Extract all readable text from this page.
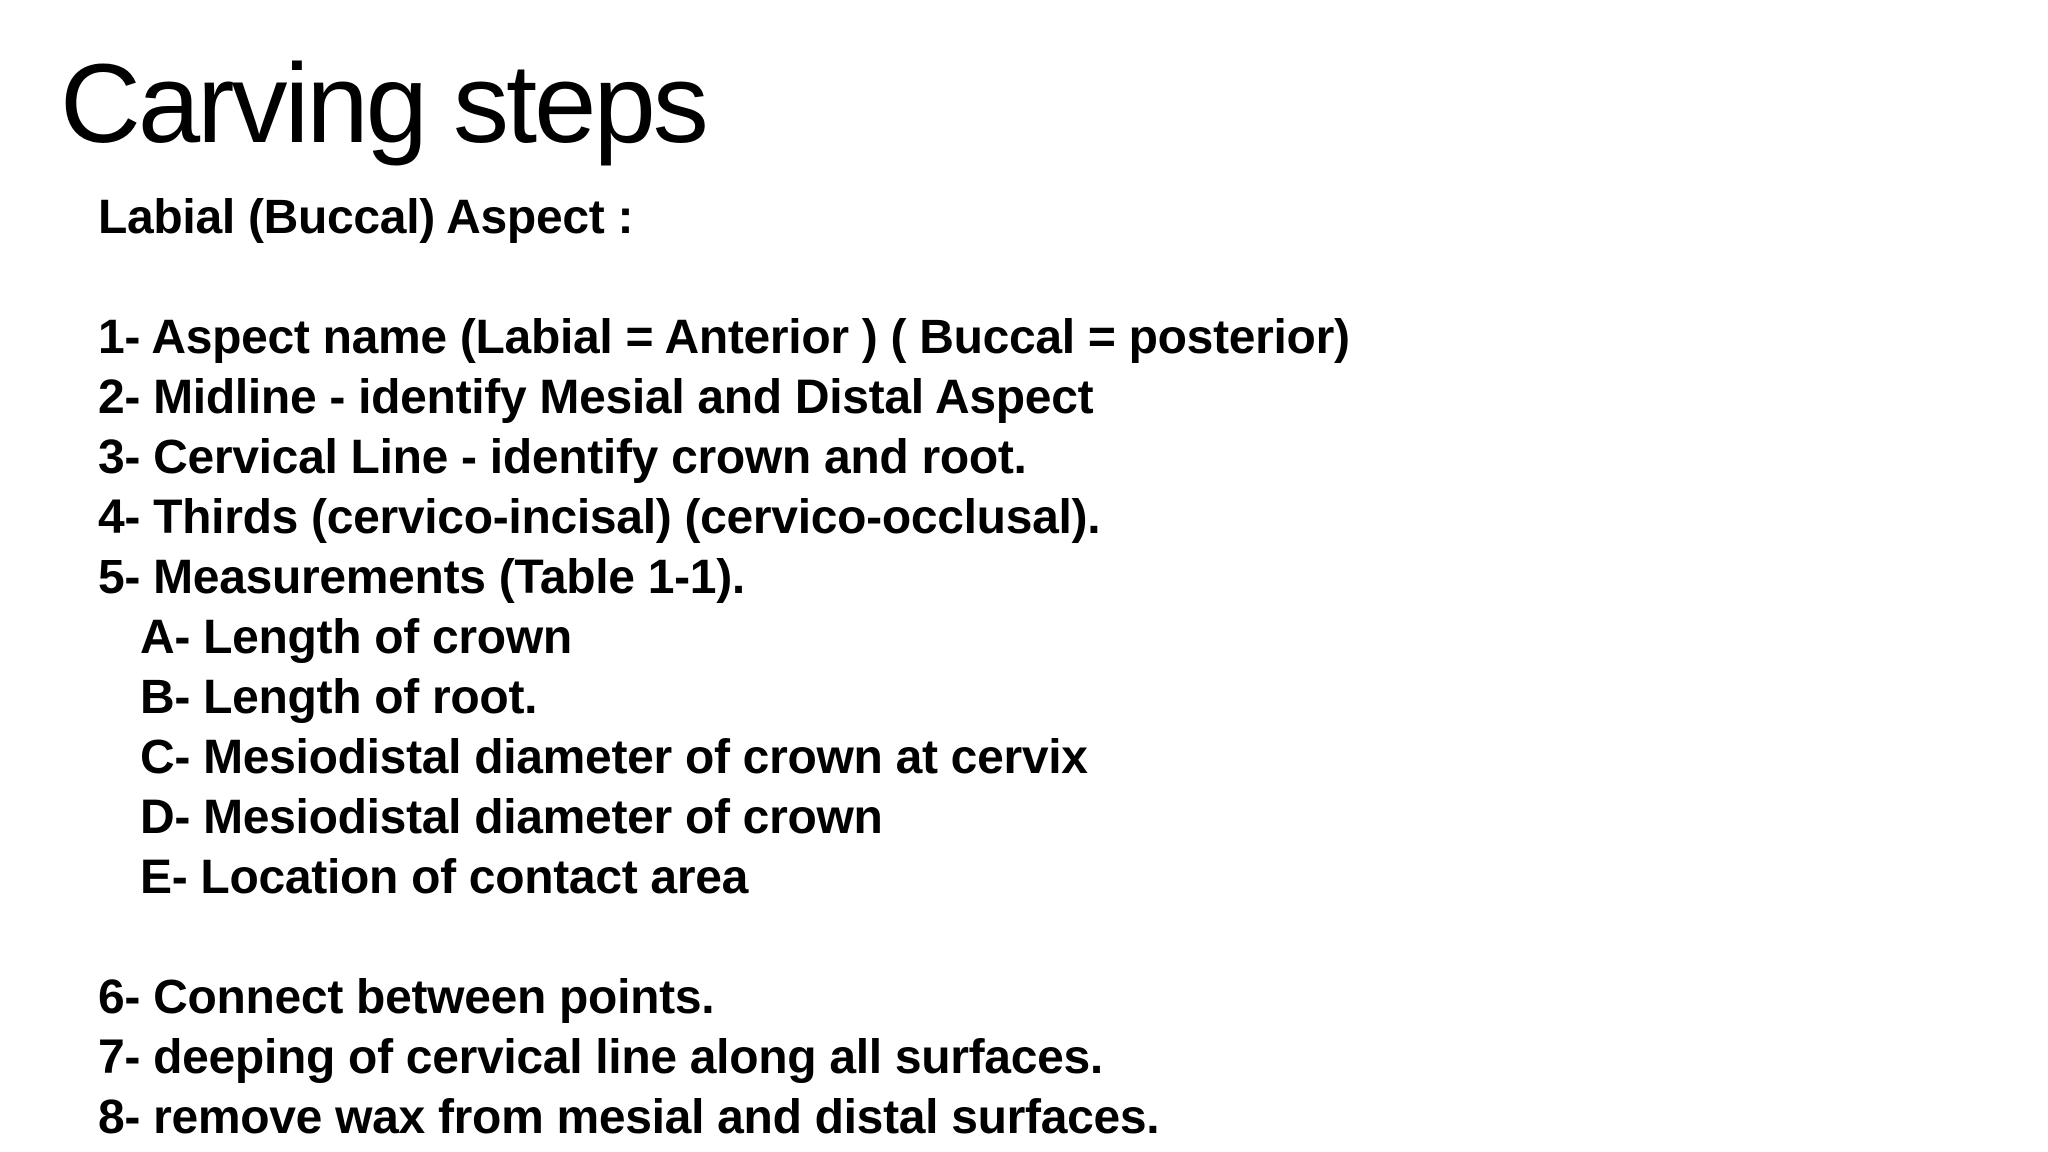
Carving steps
Labial (Buccal) Aspect :
1- Aspect name (Labial = Anterior ) ( Buccal = posterior)
2- Midline - identify Mesial and Distal Aspect
3- Cervical Line - identify crown and root.
4- Thirds (cervico-incisal) (cervico-occlusal).
5- Measurements (Table 1-1).
A- Length of crown
B- Length of root.
C- Mesiodistal diameter of crown at cervix
D- Mesiodistal diameter of crown
E- Location of contact area
6- Connect between points.
7- deeping of cervical line along all surfaces.
8- remove wax from mesial and distal surfaces.
